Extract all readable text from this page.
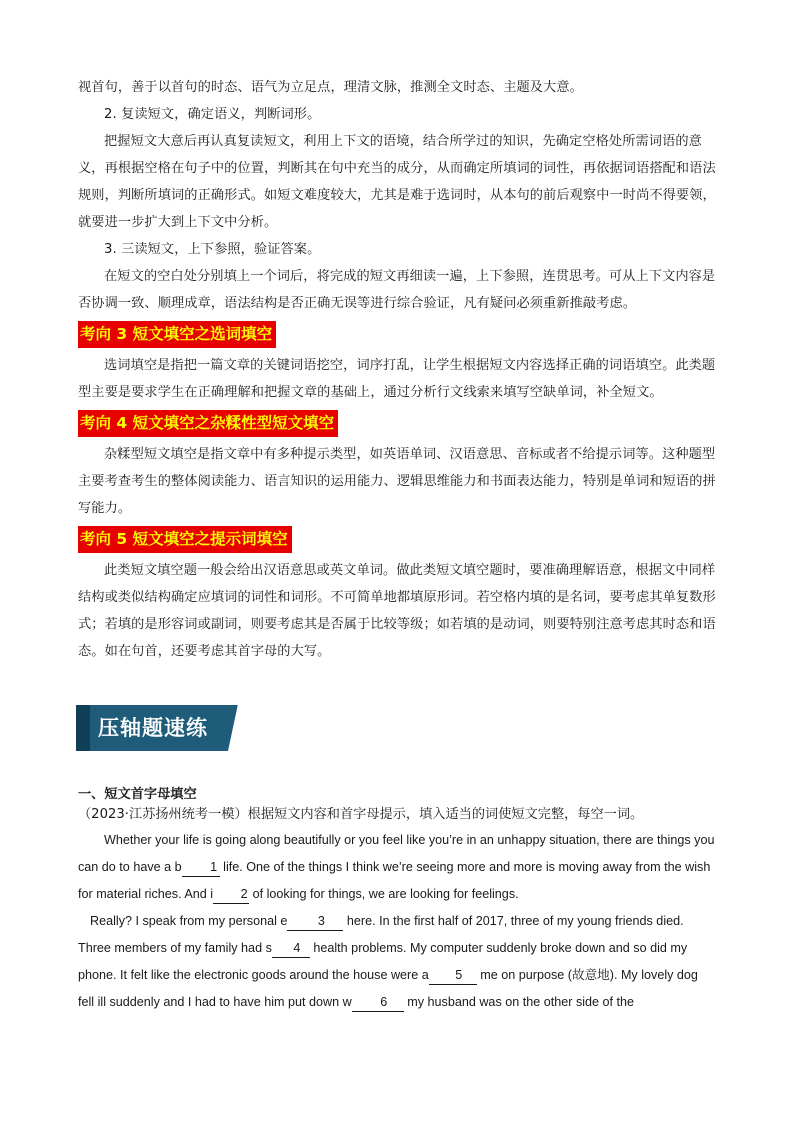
视首句，善于以首句的时态、语气为立足点，理清文脉，推测全文时态、主题及大意。

2. 复读短文，确定语义，判断词形。

把握短文大意后再认真复读短文，利用上下文的语境，结合所学过的知识，先确定空格处所需词语的意义，再根据空格在句子中的位置，判断其在句中充当的成分，从而确定所填词的词性，再依据词语搭配和语法规则，判断所填词的正确形式。如短文难度较大，尤其是难于选词时，从本句的前后观察中一时尚不得要领，就要进一步扩大到上下文中分析。

3. 三读短文，上下参照，验证答案。

在短文的空白处分别填上一个词后，将完成的短文再细读一遍，上下参照，连贯思考。可从上下文内容是否协调一致、顺理成章，语法结构是否正确无误等进行综合验证，凡有疑问必须重新推敲考虑。

考向 3 短文填空之选词填空

选词填空是指把一篇文章的关键词语挖空，词序打乱，让学生根据短文内容选择正确的词语填空。此类题型主要是要求学生在正确理解和把握文章的基础上，通过分析行文线索来填写空缺单词，补全短文。

考向 4 短文填空之杂糅性型短文填空

杂糅型短文填空是指文章中有多种提示类型，如英语单词、汉语意思、音标或者不给提示词等。这种题型主要考查考生的整体阅读能力、语言知识的运用能力、逻辑思维能力和书面表达能力，特别是单词和短语的拼写能力。

考向 5 短文填空之提示词填空

此类短文填空题一般会给出汉语意思或英文单词。做此类短文填空题时，要准确理解语意，根据文中同样结构或类似结构确定应填词的词性和词形。不可简单地都填原形词。若空格内填的是名词，要考虑其单复数形式；若填的是形容词或副词，则要考虑其是否属于比较等级；如若填的是动词，则要特别注意考虑其时态和语态。如在句首，还要考虑其首字母的大写。

压轴题速练
一、短文首字母填空

（2023·江苏扬州统考一模）根据短文内容和首字母提示，填入适当的词使短文完整，每空一词。

Whether your life is going along beautifully or you feel like you’re in an unhappy situation, there are things you can do to have a b 1 life. One of the things I think we’re seeing more and more is moving away from the wish for material riches. And i 2 of looking for things, we are looking for feelings.

Really? I speak from my personal e 3 here. In the first half of 2017, three of my young friends died. Three members of my family had s 4 health problems. My computer suddenly broke down and so did my phone. It felt like the electronic goods around the house were a 5 me on purpose (故意地). My lovely dog fell ill suddenly and I had to have him put down w 6 my husband was on the other side of the
